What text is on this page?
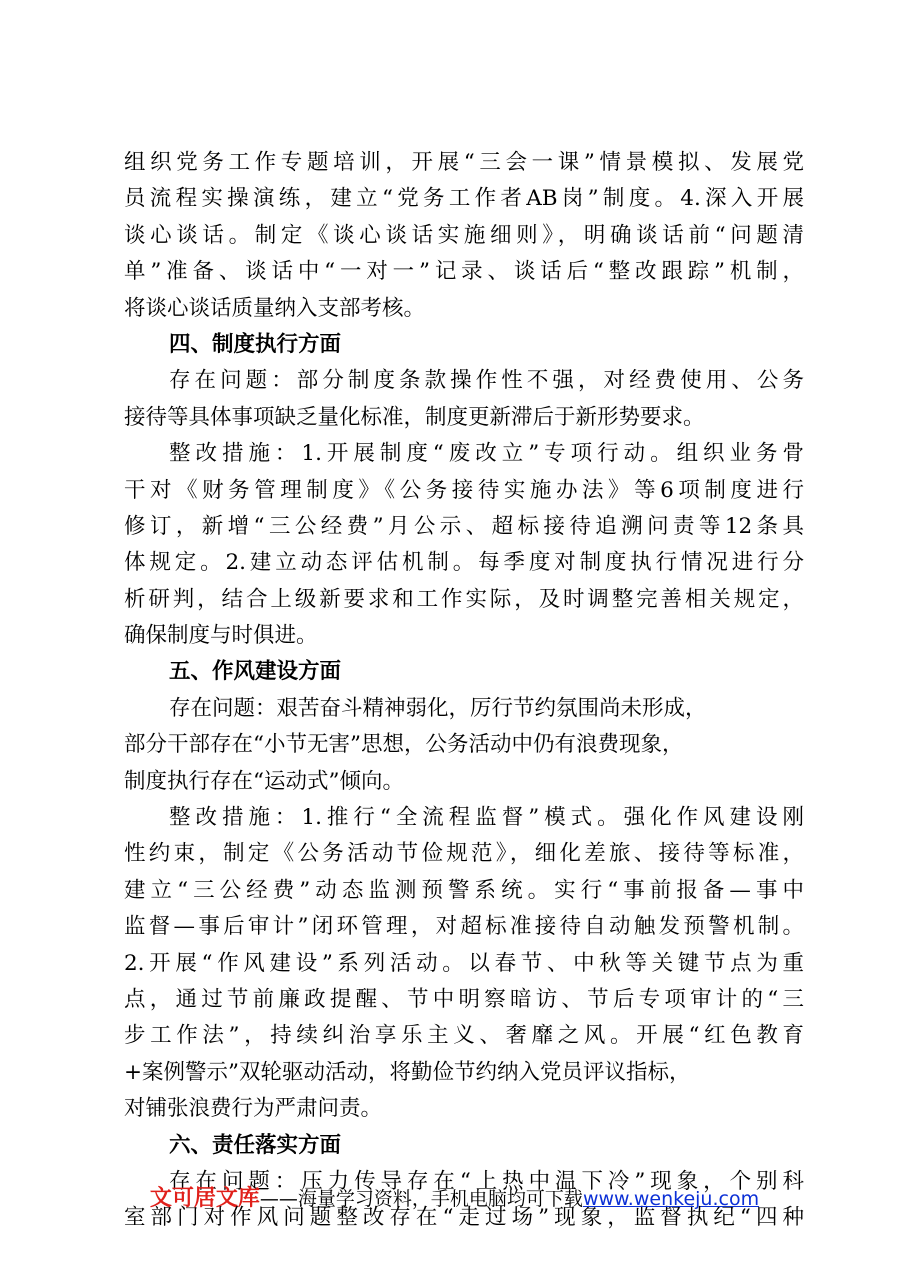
组织党务工作专题培训，开展“三会一课”情景模拟、发展党
员流程实操演练，建立“党务工作者AB岗”制度。4.深入开展
谈心谈话。制定《谈心谈话实施细则》，明确谈话前“问题清
单”准备、谈话中“一对一”记录、谈话后“整改跟踪”机制，
将谈心谈话质量纳入支部考核。
四、制度执行方面
存在问题：部分制度条款操作性不强，对经费使用、公务
接待等具体事项缺乏量化标准，制度更新滞后于新形势要求。
整改措施：1.开展制度“废改立”专项行动。组织业务骨
干对《财务管理制度》《公务接待实施办法》等6项制度进行
修订，新增“三公经费”月公示、超标接待追溯问责等12条具
体规定。2.建立动态评估机制。每季度对制度执行情况进行分
析研判，结合上级新要求和工作实际，及时调整完善相关规定，
确保制度与时俱进。
五、作风建设方面
存在问题：艰苦奋斗精神弱化，厉行节约氛围尚未形成，
部分干部存在“小节无害”思想，公务活动中仍有浪费现象，
制度执行存在“运动式”倾向。
整改措施：1.推行“全流程监督”模式。强化作风建设刚
性约束，制定《公务活动节俭规范》，细化差旅、接待等标准，
建立“三公经费”动态监测预警系统。实行“事前报备—事中
监督—事后审计”闭环管理，对超标准接待自动触发预警机制。
2.开展“作风建设”系列活动。以春节、中秋等关键节点为重
点，通过节前廉政提醒、节中明察暗访、节后专项审计的“三
步工作法”，持续纠治享乐主义、奢靡之风。开展“红色教育
+案例警示”双轮驱动活动，将勤俭节约纳入党员评议指标，
对铺张浪费行为严肃问责。
六、责任落实方面
存在问题：压力传导存在“上热中温下冷”现象，个别科
室部门对作风问题整改存在“走过场”现象，监督执纪“四种
文可居文库——海量学习资料，手机电脑均可下载www.wenkeju.com
